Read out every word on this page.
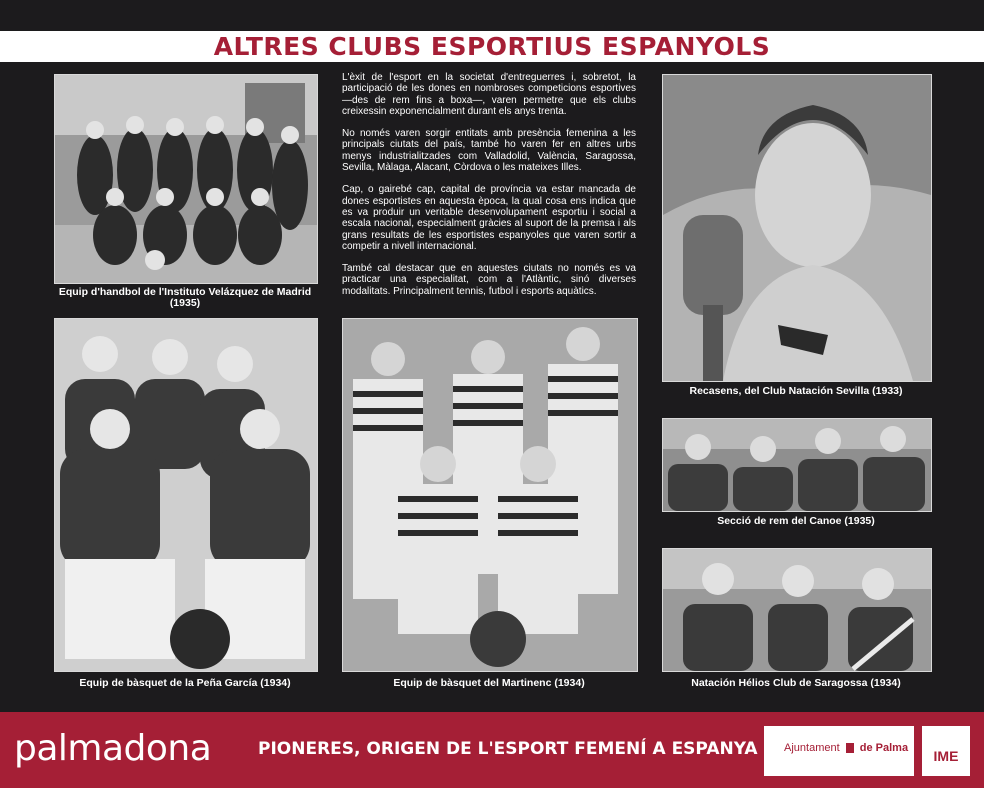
ALTRES CLUBS ESPORTIUS ESPANYOLS
Equip d'handbol de l'Instituto Velázquez de Madrid (1935)

L'èxit de l'esport en la societat d'entreguerres i, sobretot, la participació de les dones en nombroses competicions esportives —des de rem fins a boxa—, varen permetre que els clubs creixessin exponencialment durant els anys trenta.

No només varen sorgir entitats amb presència femenina a les principals ciutats del país, també ho varen fer en altres urbs menys industrialitzades com Valladolid, València, Saragossa, Sevilla, Màlaga, Alacant, Còrdova o les mateixes Illes.

Cap, o gairebé cap, capital de província va estar mancada de dones esportistes en aquesta època, la qual cosa ens indica que es va produir un veritable desenvolupament esportiu i social a escala nacional, especialment gràcies al suport de la premsa i als grans resultats de les esportistes espanyoles que varen sortir a competir a nivell internacional.

També cal destacar que en aquestes ciutats no només es va practicar una especialitat, com a l'Atlàntic, sinó diverses modalitats. Principalment tennis, futbol i esports aquàtics.

Recasens, del Club Natación Sevilla (1933)
Equip de bàsquet de la Peña García (1934)	Equip de bàsquet del Martinenc (1934)
Secció de rem del Canoe (1935)
Natación Hélios Club de Saragossa (1934)
palmadona	PIONERES, ORIGEN DE L'ESPORT FEMENÍ A ESPANYA Ajuntament de Palma	IME
